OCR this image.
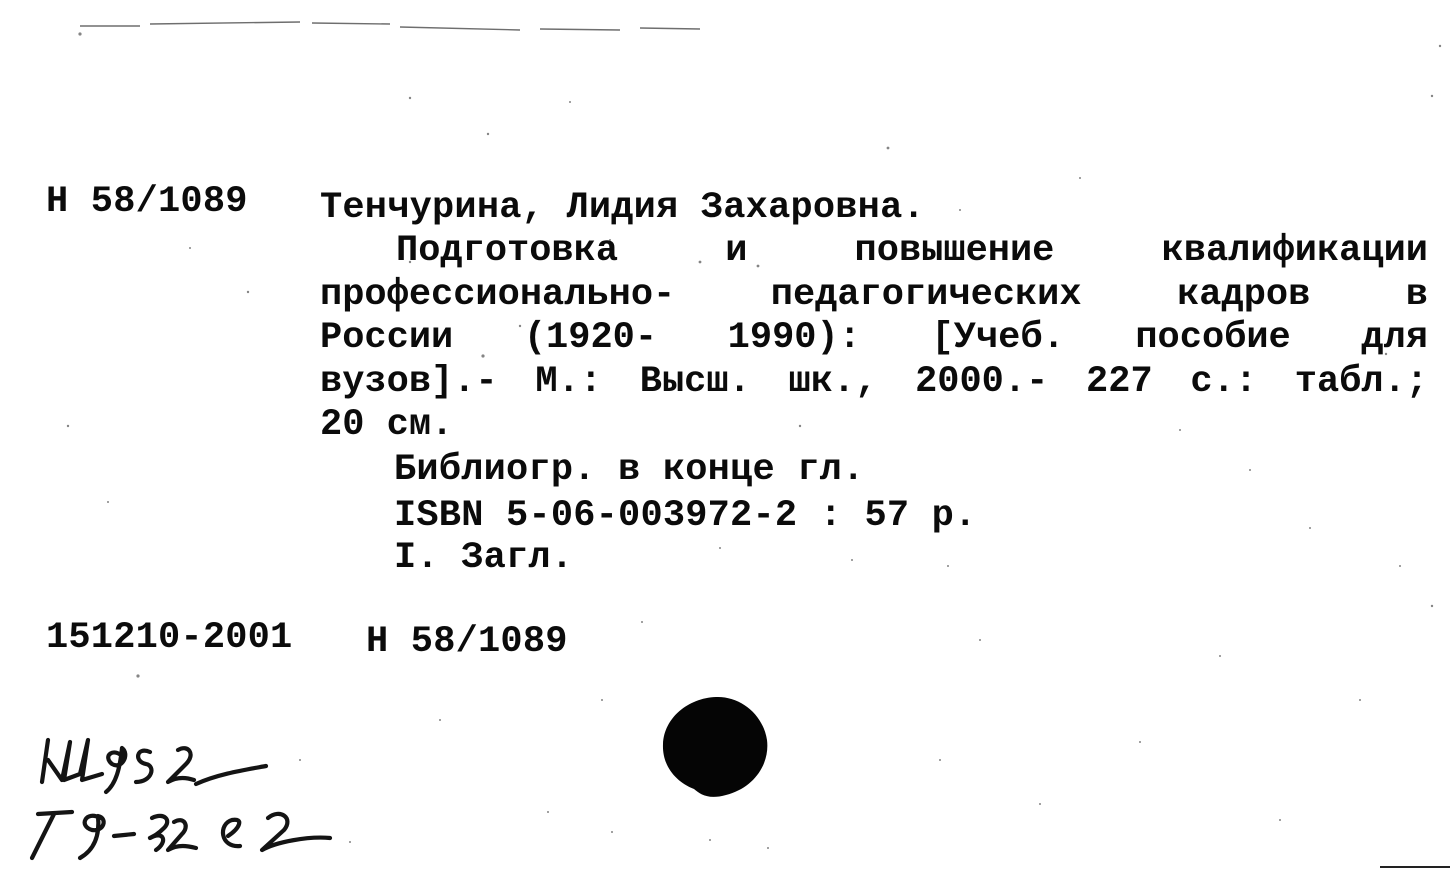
Н 58/1089 Тенчурина, Лидия Захаровна.

Подготовка и повышение квалификации
профессионально- педагогических кадров в
России (1920- 1990): [Учеб. пособие для
вузов].- М.: Высш. шк., 2000.- 227 с.: табл.;
20 см.

Библиогр. в конце гл.

ISBN 5-06-003972-2 : 57 р.

I. Загл.

151210-2001 Н 58/1089
